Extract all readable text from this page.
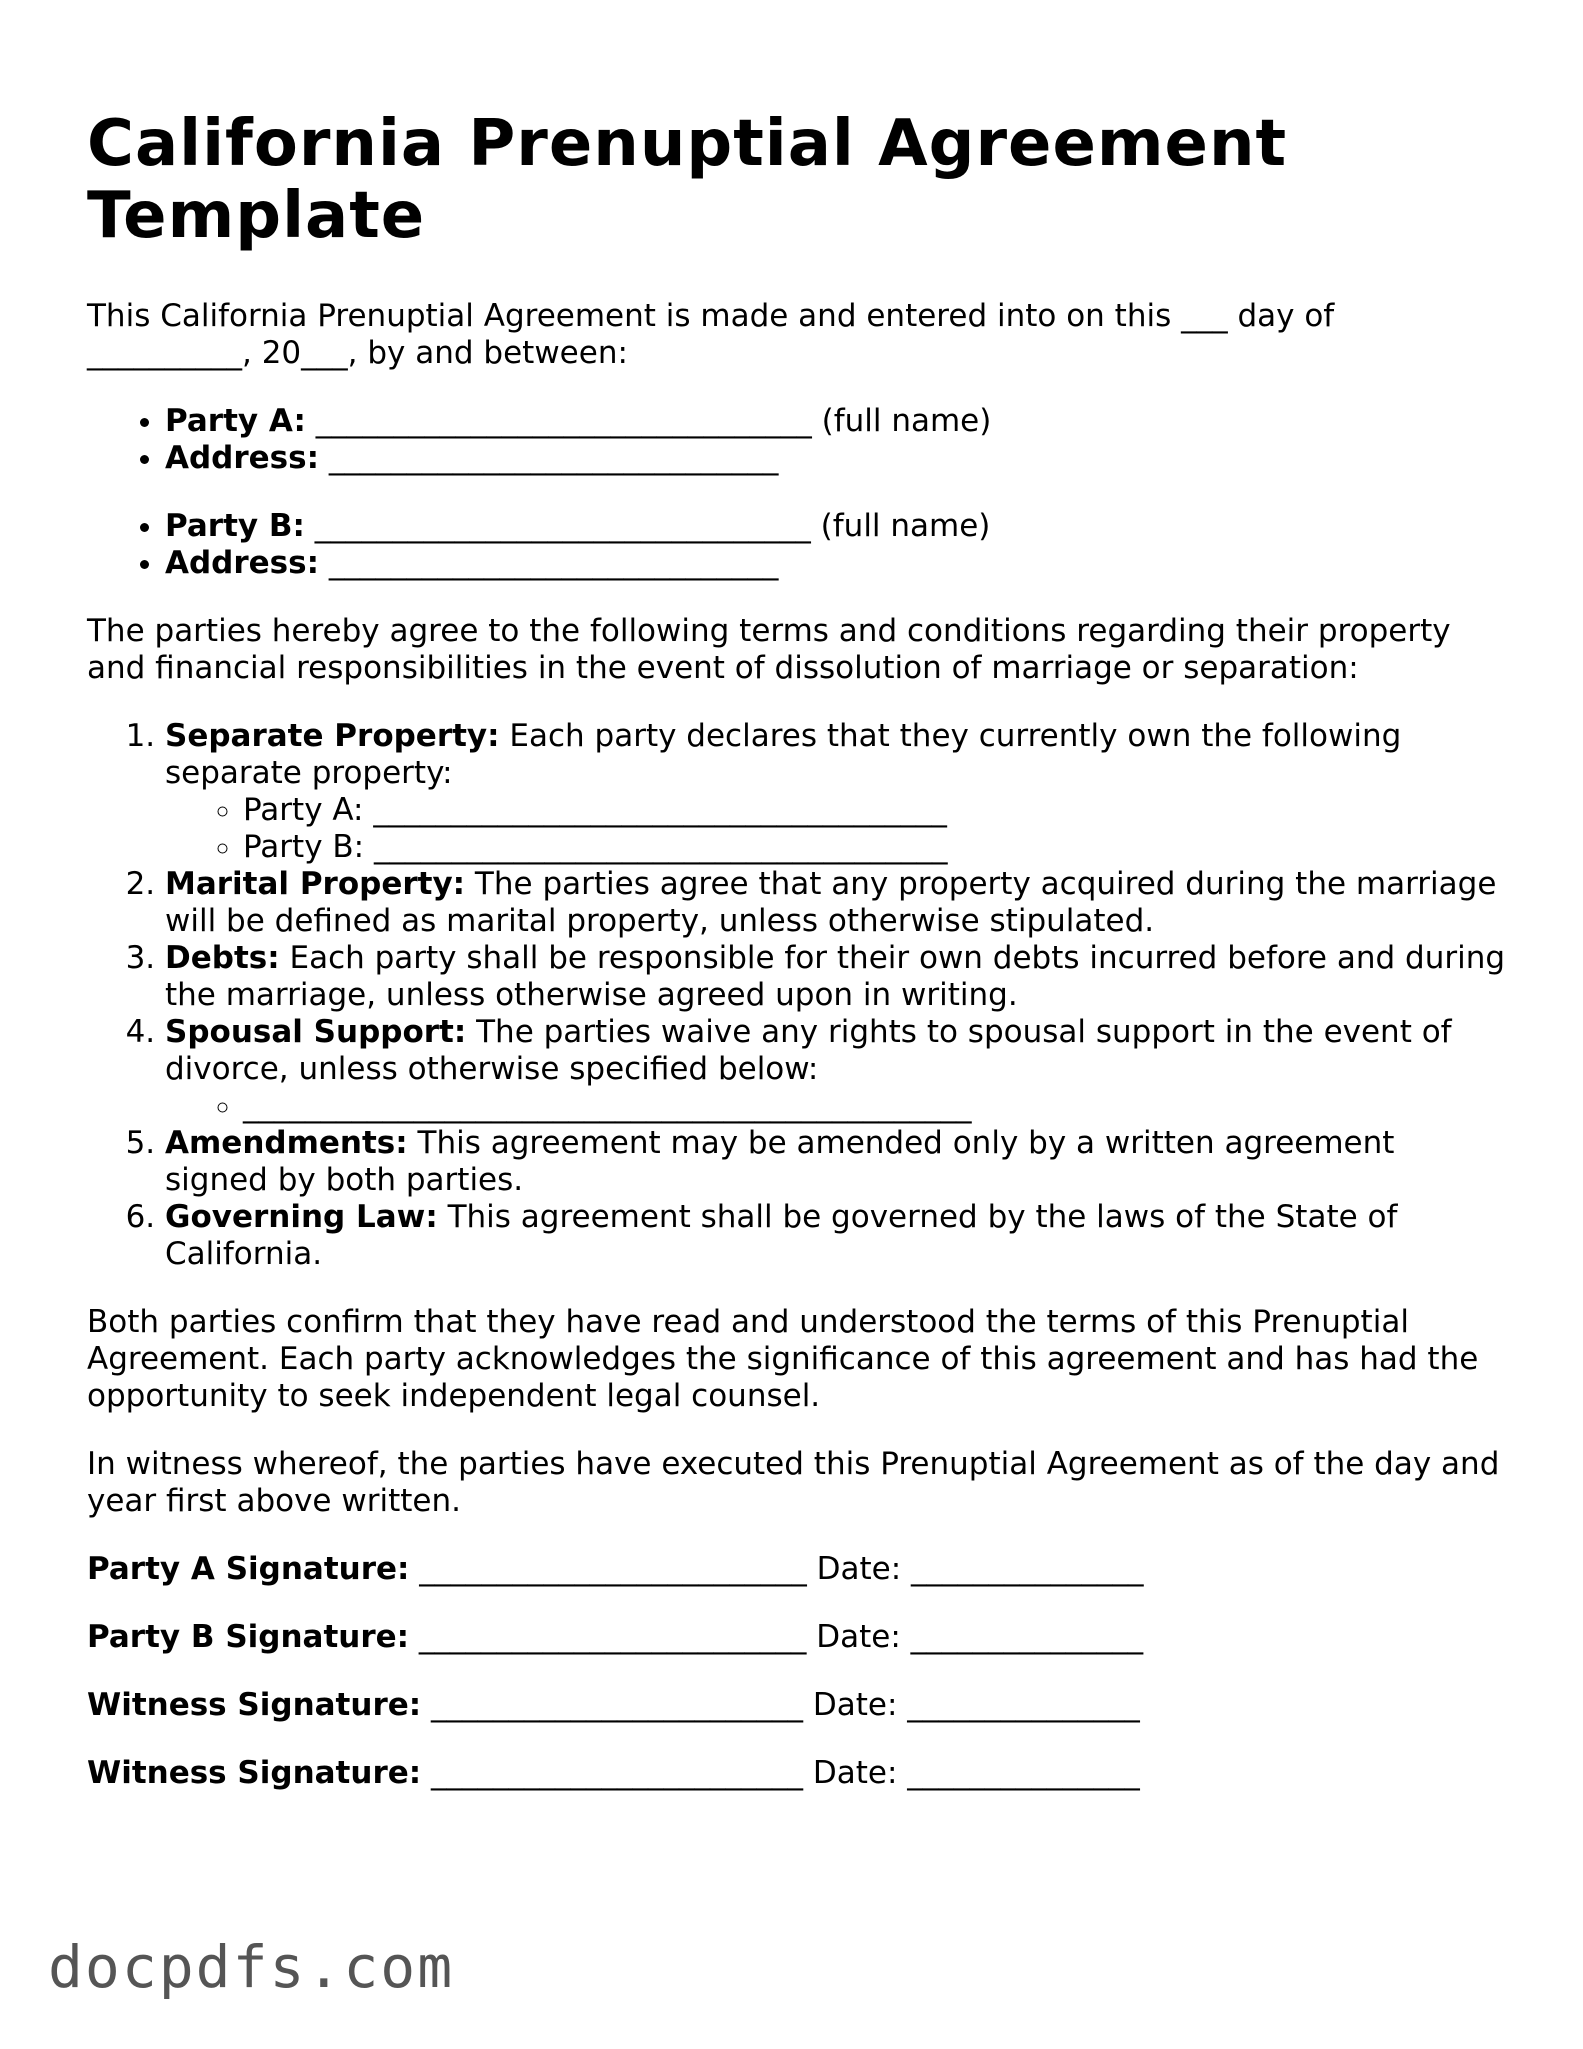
California Prenuptial Agreement Template

This California Prenuptial Agreement is made and entered into on this ___ day of __________, 20___, by and between:

• Party A: ________________________________ (full name)
• Address: _____________________________
• Party B: ________________________________ (full name)
• Address: _____________________________

The parties hereby agree to the following terms and conditions regarding their property and financial responsibilities in the event of dissolution of marriage or separation:

1. Separate Property: Each party declares that they currently own the following separate property:
◦ Party A: _____________________________________
◦ Party B: _____________________________________
2. Marital Property: The parties agree that any property acquired during the marriage will be defined as marital property, unless otherwise stipulated.
3. Debts: Each party shall be responsible for their own debts incurred before and during the marriage, unless otherwise agreed upon in writing.
4. Spousal Support: The parties waive any rights to spousal support in the event of divorce, unless otherwise specified below:
◦ _______________________________________________
5. Amendments: This agreement may be amended only by a written agreement signed by both parties.
6. Governing Law: This agreement shall be governed by the laws of the State of California.

Both parties confirm that they have read and understood the terms of this Prenuptial Agreement. Each party acknowledges the significance of this agreement and has had the opportunity to seek independent legal counsel.

In witness whereof, the parties have executed this Prenuptial Agreement as of the day and year first above written.

Party A Signature: _________________________ Date: _______________
Party B Signature: _________________________ Date: _______________
Witness Signature: ________________________ Date: _______________
Witness Signature: ________________________ Date: _______________
docpdfs.com
